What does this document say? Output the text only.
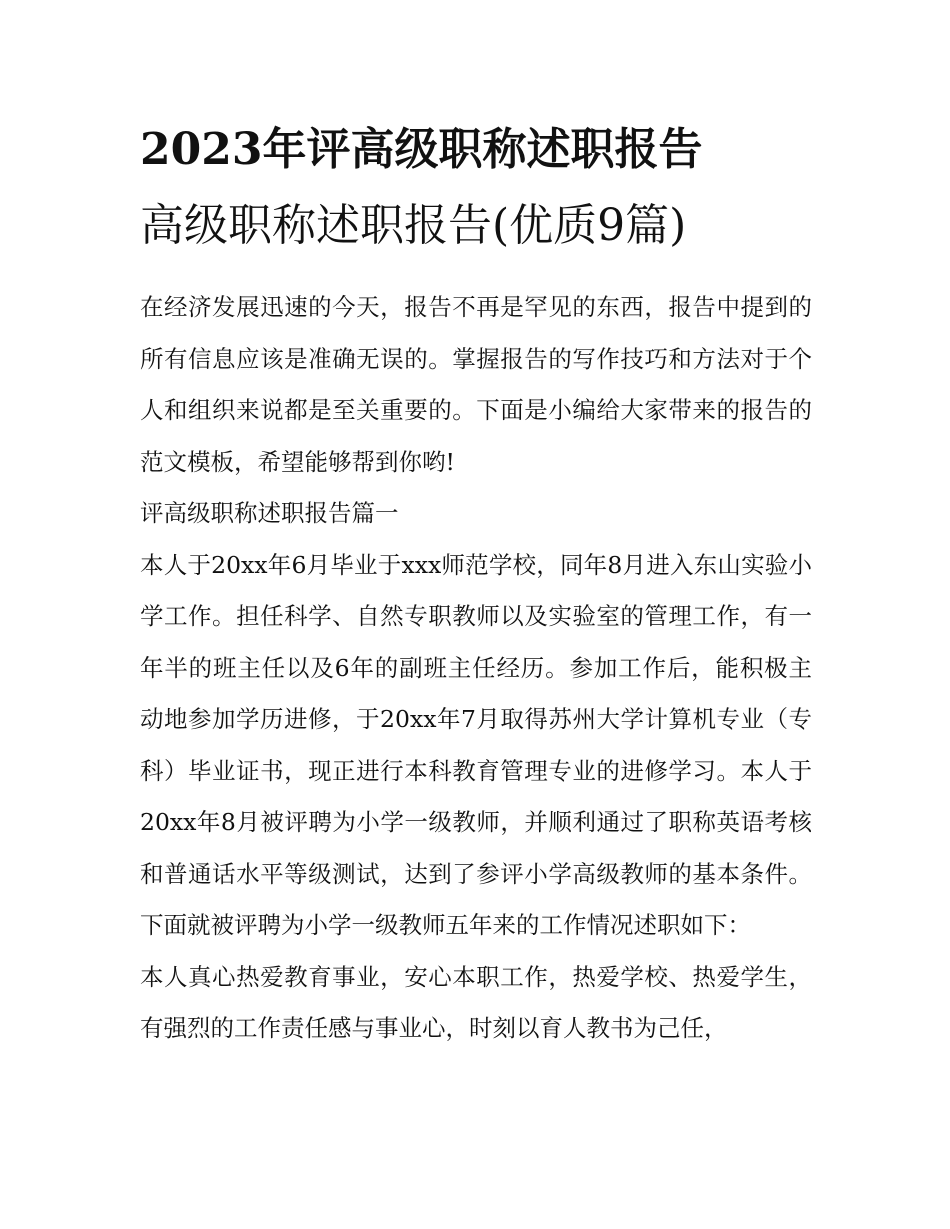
2023年评高级职称述职报告
高级职称述职报告(优质9篇)

在经济发展迅速的今天，报告不再是罕见的东西，报告中提到的所有信息应该是准确无误的。掌握报告的写作技巧和方法对于个人和组织来说都是至关重要的。下面是小编给大家带来的报告的范文模板，希望能够帮到你哟!

评高级职称述职报告篇一

本人于20xx年6月毕业于xxx师范学校，同年8月进入东山实验小学工作。担任科学、自然专职教师以及实验室的管理工作，有一年半的班主任以及6年的副班主任经历。参加工作后，能积极主动地参加学历进修，于20xx年7月取得苏州大学计算机专业（专科）毕业证书，现正进行本科教育管理专业的进修学习。本人于20xx年8月被评聘为小学一级教师，并顺利通过了职称英语考核和普通话水平等级测试，达到了参评小学高级教师的基本条件。下面就被评聘为小学一级教师五年来的工作情况述职如下：

本人真心热爱教育事业，安心本职工作，热爱学校、热爱学生，有强烈的工作责任感与事业心，时刻以育人教书为己任，
